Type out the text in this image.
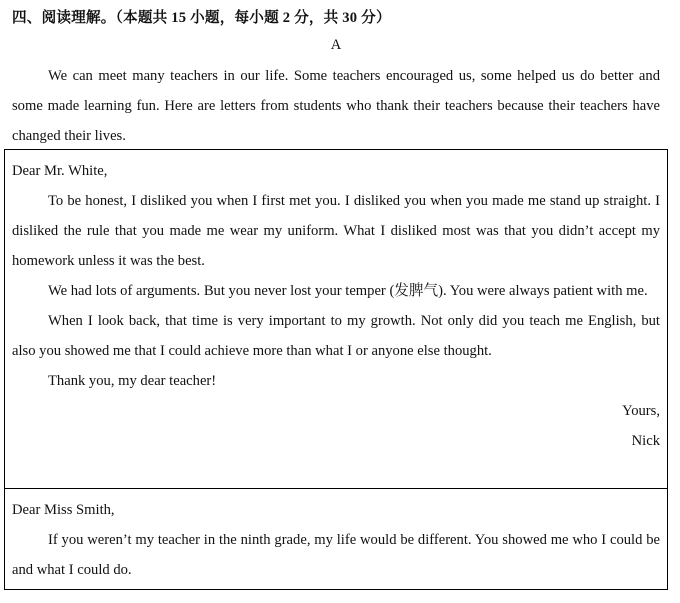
四、阅读理解。（本题共 15 小题，每小题 2 分，共 30 分）
A

We can meet many teachers in our life. Some teachers encouraged us, some helped us do better and some made learning fun. Here are letters from students who thank their teachers because their teachers have changed their lives.

Dear Mr. White,

To be honest, I disliked you when I first met you. I disliked you when you made me stand up straight. I disliked the rule that you made me wear my uniform. What I disliked most was that you didn’t accept my homework unless it was the best.

We had lots of arguments. But you never lost your temper (发脾气). You were always patient with me.

When I look back, that time is very important to my growth. Not only did you teach me English, but also you showed me that I could achieve more than what I or anyone else thought.

Thank you, my dear teacher!

Yours,

Nick

Dear Miss Smith,

If you weren’t my teacher in the ninth grade, my life would be different. You showed me who I could be and what I could do.
